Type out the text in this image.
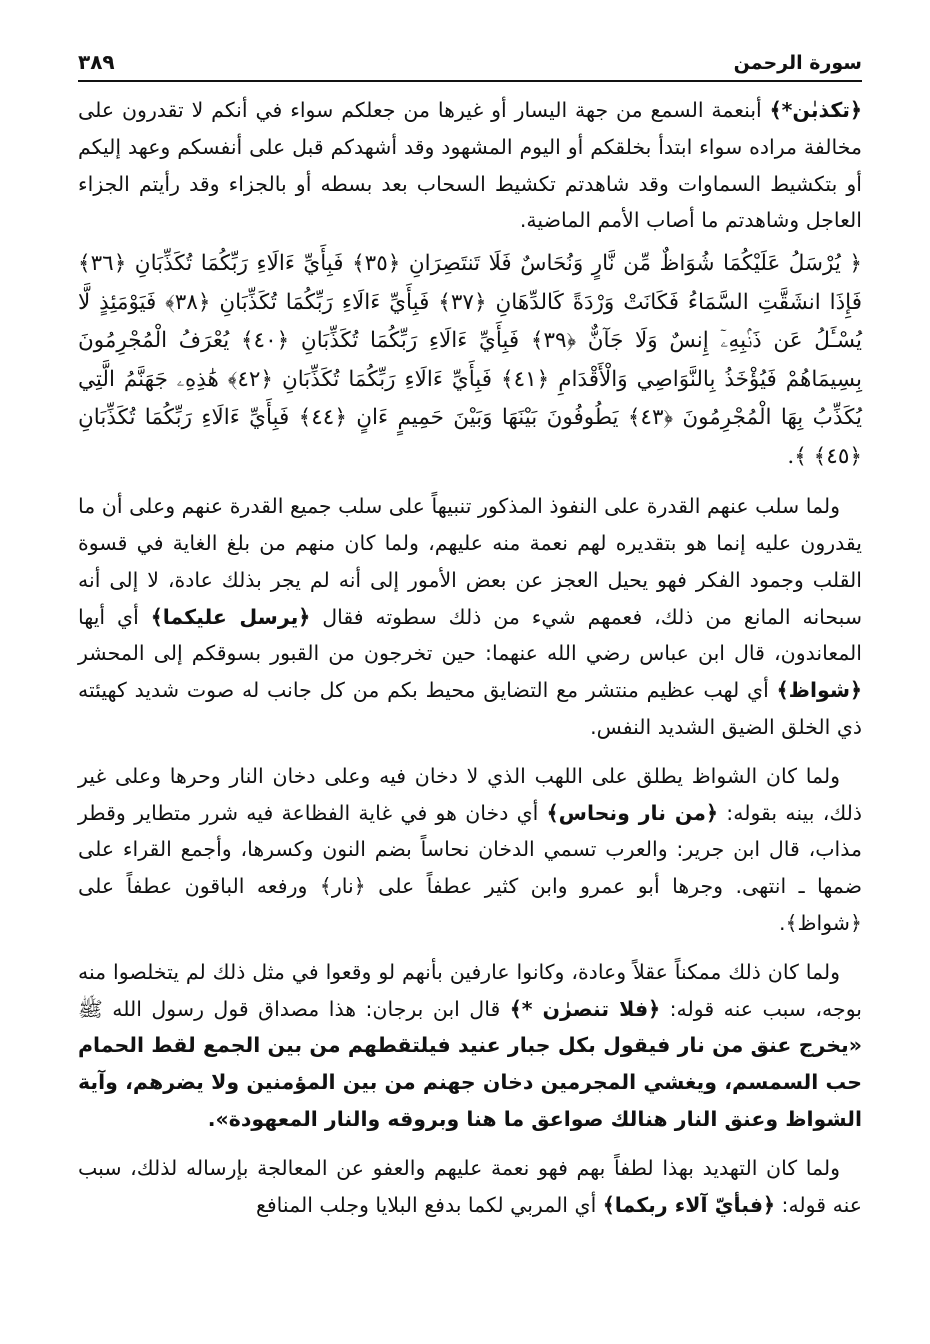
سورة الرحمن
٣٨٩

﴿تكذبٰن*﴾ أبنعمة السمع من جهة اليسار أو غيرها من جعلكم سواء في أنكم لا تقدرون على مخالفة مراده سواء ابتدأ بخلقكم أو اليوم المشهود وقد أشهدكم قبل على أنفسكم وعهد إليكم أو بتكشيط السماوات وقد شاهدتم تكشيط السحاب بعد بسطه أو بالجزاء وقد رأيتم الجزاء العاجل وشاهدتم ما أصاب الأمم الماضية.

﴿ يُرْسَلُ عَلَيْكُمَا شُوَاظٌ مِّن نَّارٍ وَنُحَاسٌ فَلَا تَنتَصِرَانِ ﴿٣٥﴾ فَبِأَيِّ ءَالَاءِ رَبِّكُمَا تُكَذِّبَانِ ﴿٣٦﴾ فَإِذَا انشَقَّتِ السَّمَاءُ فَكَانَتْ وَرْدَةً كَالدِّهَانِ ﴿٣٧﴾ فَبِأَيِّ ءَالَاءِ رَبِّكُمَا تُكَذِّبَانِ ﴿٣٨﴾ فَيَوْمَئِذٍ لَّا يُسْـَٔلُ عَن ذَنۢبِهِۦٓ إِنسٌ وَلَا جَآنٌّ ﴿٣٩﴾ فَبِأَيِّ ءَالَاءِ رَبِّكُمَا تُكَذِّبَانِ ﴿٤٠﴾ يُعْرَفُ الْمُجْرِمُونَ بِسِيمَاهُمْ فَيُؤْخَذُ بِالنَّوَاصِي وَالْأَقْدَامِ ﴿٤١﴾ فَبِأَيِّ ءَالَاءِ رَبِّكُمَا تُكَذِّبَانِ ﴿٤٢﴾ هَٰذِهِۦ جَهَنَّمُ الَّتِي يُكَذِّبُ بِهَا الْمُجْرِمُونَ ﴿٤٣﴾ يَطُوفُونَ بَيْنَهَا وَبَيْنَ حَمِيمٍ ءَانٍ ﴿٤٤﴾ فَبِأَيِّ ءَالَاءِ رَبِّكُمَا تُكَذِّبَانِ ﴿٤٥﴾ ﴾.

ولما سلب عنهم القدرة على النفوذ المذكور تنبيهاً على سلب جميع القدرة عنهم وعلى أن ما يقدرون عليه إنما هو بتقديره لهم نعمة منه عليهم، ولما كان منهم من بلغ الغاية في قسوة القلب وجمود الفكر فهو يحيل العجز عن بعض الأمور إلى أنه لم يجر بذلك عادة، لا إلى أنه سبحانه المانع من ذلك، فعمهم شيء من ذلك سطوته فقال ﴿يرسل عليكما﴾ أي أيها المعاندون، قال ابن عباس رضي الله عنهما: حين تخرجون من القبور بسوقكم إلى المحشر ﴿شواظ﴾ أي لهب عظيم منتشر مع التضايق محيط بكم من كل جانب له صوت شديد كهيئته ذي الخلق الضيق الشديد النفس.

ولما كان الشواظ يطلق على اللهب الذي لا دخان فيه وعلى دخان النار وحرها وعلى غير ذلك، بينه بقوله: ﴿من نار ونحاس﴾ أي دخان هو في غاية الفظاعة فيه شرر متطاير وقطر مذاب، قال ابن جرير: والعرب تسمي الدخان نحاساً بضم النون وكسرها، وأجمع القراء على ضمها ـ انتهى. وجرها أبو عمرو وابن كثير عطفاً على ﴿نار﴾ ورفعه الباقون عطفاً على ﴿شواظ﴾.

ولما كان ذلك ممكناً عقلاً وعادة، وكانوا عارفين بأنهم لو وقعوا في مثل ذلك لم يتخلصوا منه بوجه، سبب عنه قوله: ﴿فلا تنصرٰن *﴾ قال ابن برجان: هذا مصداق قول رسول الله ﷺ «يخرج عنق من نار فيقول بكل جبار عنيد فيلتقطهم من بين الجمع لقط الحمام حب السمسم، ويغشي المجرمين دخان جهنم من بين المؤمنين ولا يضرهم، وآية الشواظ وعنق النار هنالك صواعق ما هنا وبروقه والنار المعهودة».

ولما كان التهديد بهذا لطفاً بهم فهو نعمة عليهم والعفو عن المعالجة بإرساله لذلك، سبب عنه قوله: ﴿فبأيّ آلاء ربكما﴾ أي المربي لكما بدفع البلايا وجلب المنافع
